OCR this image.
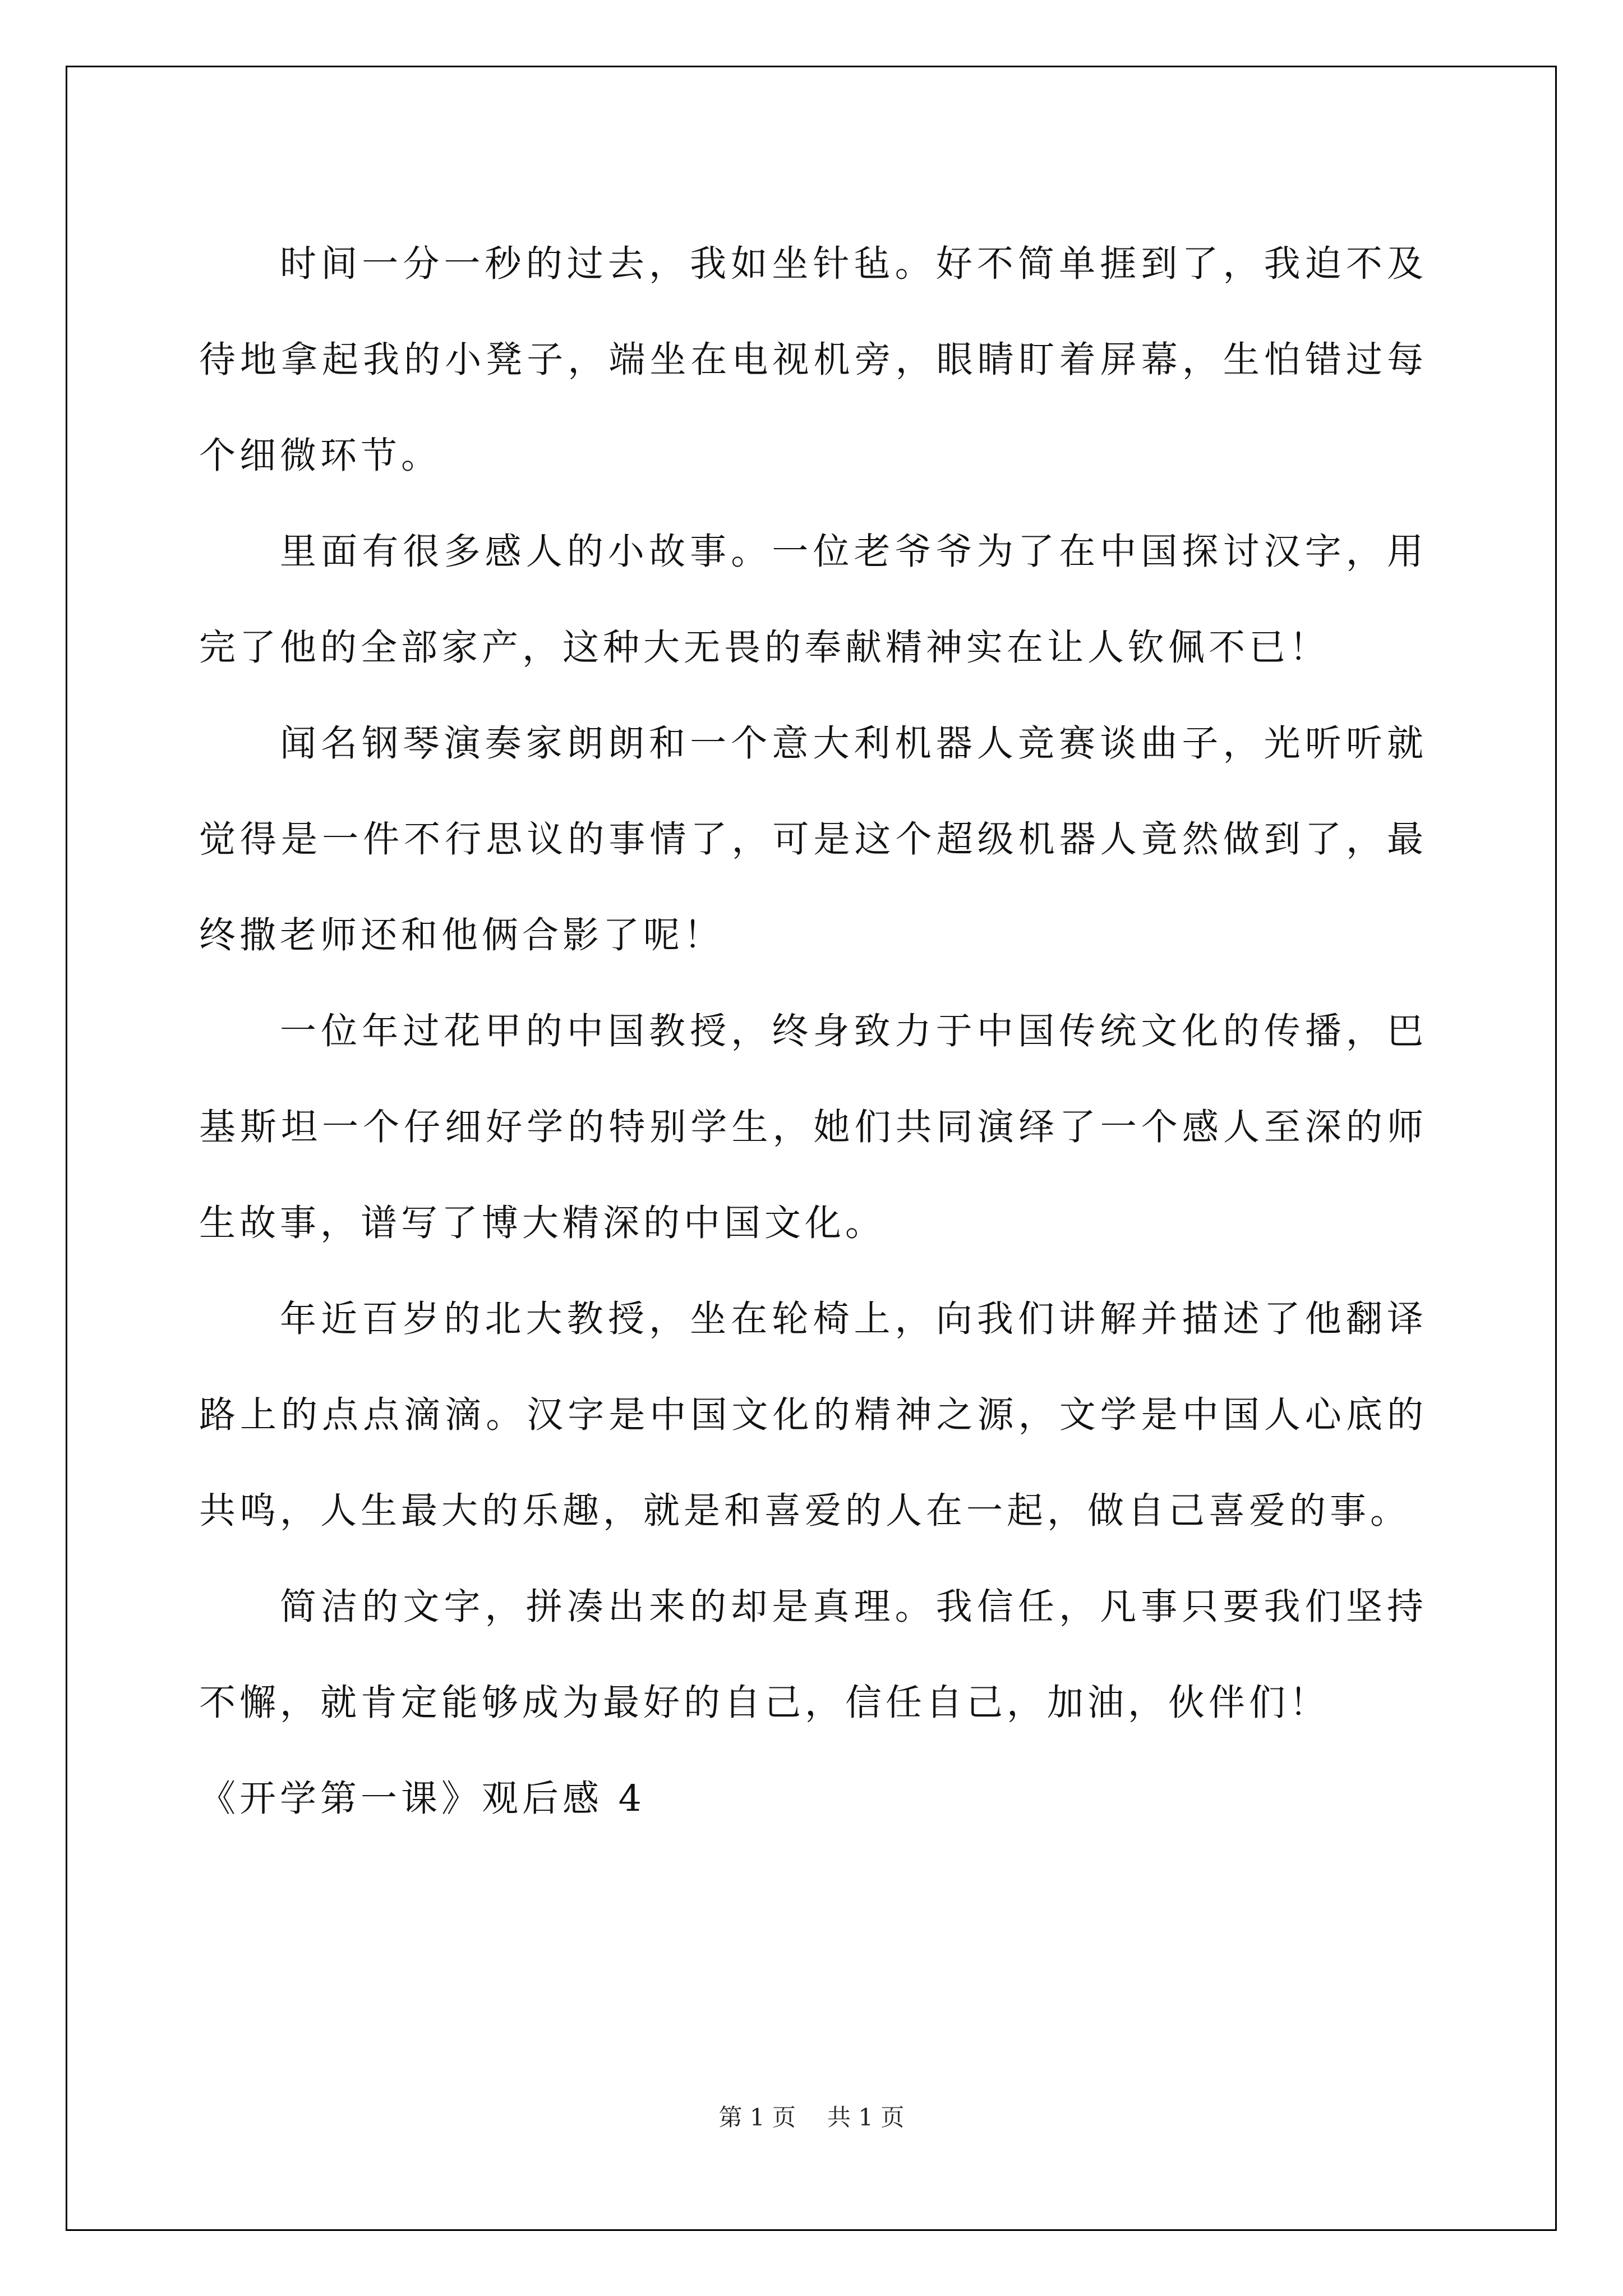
时间一分一秒的过去，我如坐针毡。好不简单捱到了，我迫不及待地拿起我的小凳子，端坐在电视机旁，眼睛盯着屏幕，生怕错过每个细微环节。

里面有很多感人的小故事。一位老爷爷为了在中国探讨汉字，用完了他的全部家产，这种大无畏的奉献精神实在让人钦佩不已！

闻名钢琴演奏家朗朗和一个意大利机器人竞赛谈曲子，光听听就觉得是一件不行思议的事情了，可是这个超级机器人竟然做到了，最终撒老师还和他俩合影了呢！

一位年过花甲的中国教授，终身致力于中国传统文化的传播，巴基斯坦一个仔细好学的特别学生，她们共同演绎了一个感人至深的师生故事，谱写了博大精深的中国文化。

年近百岁的北大教授，坐在轮椅上，向我们讲解并描述了他翻译路上的点点滴滴。汉字是中国文化的精神之源，文学是中国人心底的共鸣，人生最大的乐趣，就是和喜爱的人在一起，做自己喜爱的事。

简洁的文字，拼凑出来的却是真理。我信任，凡事只要我们坚持不懈，就肯定能够成为最好的自己，信任自己，加油，伙伴们！

《开学第一课》观后感 4

第 1 页 共 1 页
